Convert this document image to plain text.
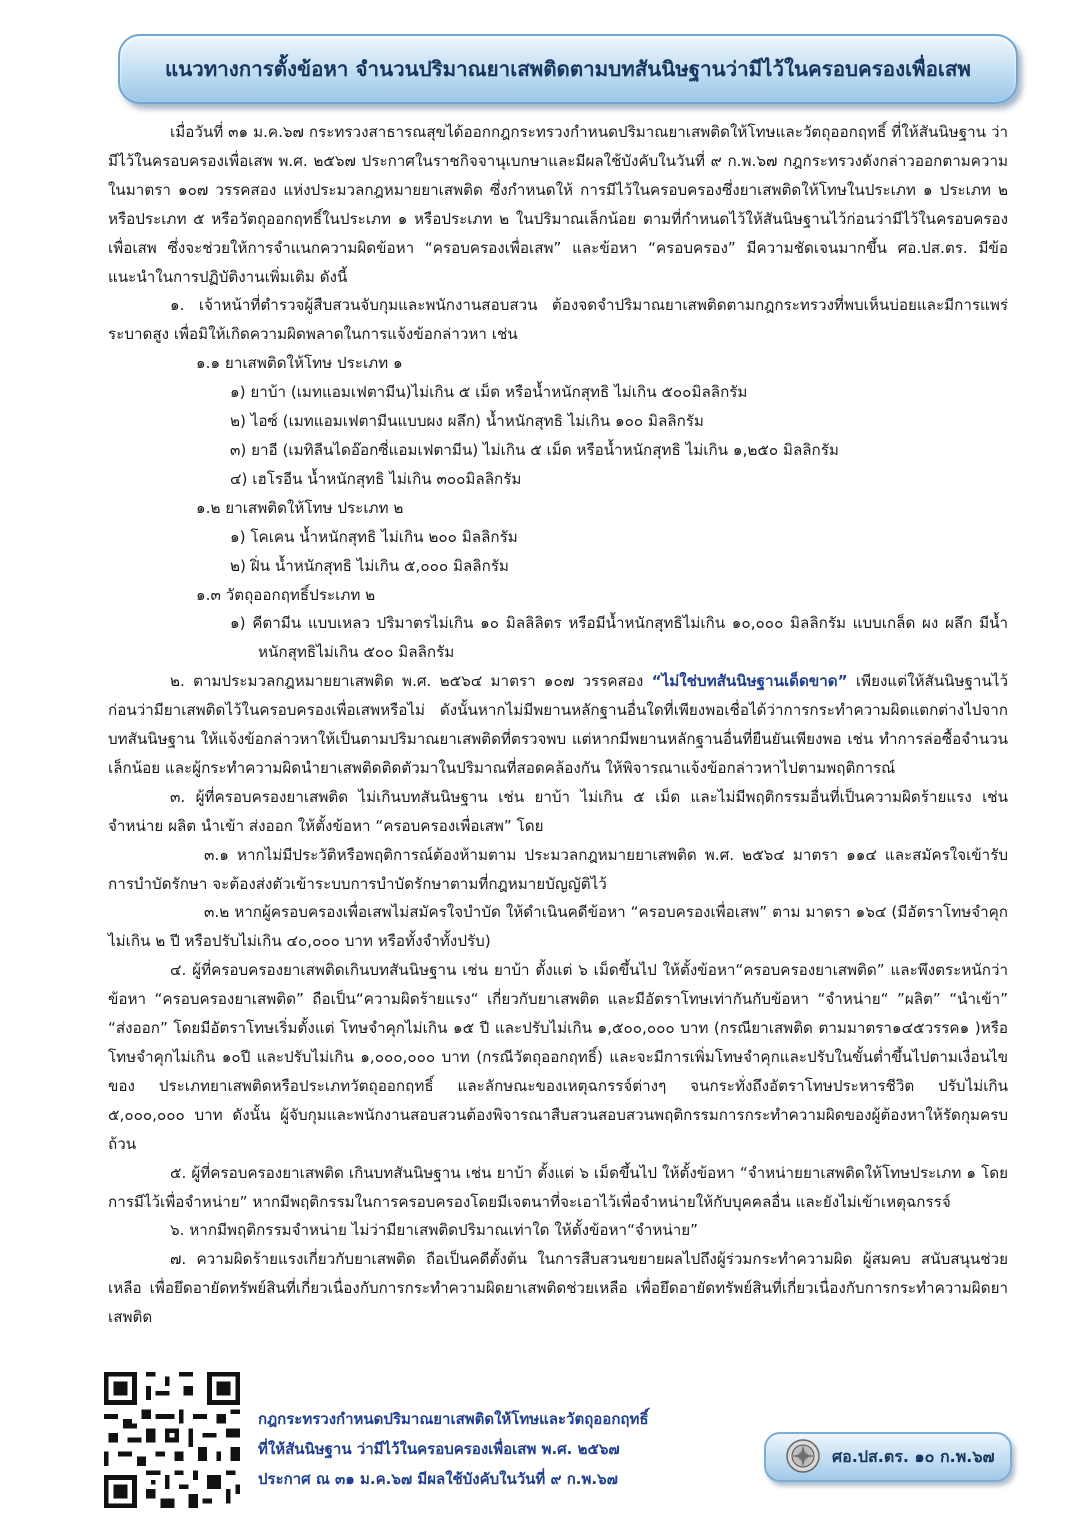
แนวทางการตั้งข้อหา จำนวนปริมาณยาเสพติดตามบทสันนิษฐานว่ามีไว้ในครอบครองเพื่อเสพ

เมื่อวันที่ ๓๑ ม.ค.๖๗ กระทรวงสาธารณสุขได้ออกกฎกระทรวงกำหนดปริมาณยาเสพติดให้โทษและวัตถุออกฤทธิ์ ที่ให้สันนิษฐาน ว่ามีไว้ในครอบครองเพื่อเสพ พ.ศ. ๒๕๖๗ ประกาศในราชกิจจานุเบกษาและมีผลใช้บังคับในวันที่ ๙ ก.พ.๖๗ กฎกระทรวงดังกล่าวออกตามความในมาตรา ๑๐๗ วรรคสอง แห่งประมวลกฎหมายยาเสพติด ซึ่งกำหนดให้ การมีไว้ในครอบครองซึ่งยาเสพติดให้โทษในประเภท ๑ ประเภท ๒ หรือประเภท ๕ หรือวัตถุออกฤทธิ์ในประเภท ๑ หรือประเภท ๒ ในปริมาณเล็กน้อย ตามที่กำหนดไว้ให้สันนิษฐานไว้ก่อนว่ามีไว้ในครอบครองเพื่อเสพ ซึ่งจะช่วยให้การจำแนกความผิดข้อหา “ครอบครองเพื่อเสพ” และข้อหา “ครอบครอง” มีความชัดเจนมากขึ้น ศอ.ปส.ตร. มีข้อแนะนำในการปฏิบัติงานเพิ่มเติม ดังนี้

๑. เจ้าหน้าที่ตำรวจผู้สืบสวนจับกุมและพนักงานสอบสวน ต้องจดจำปริมาณยาเสพติดตามกฎกระทรวงที่พบเห็นบ่อยและมีการแพร่ระบาดสูง เพื่อมิให้เกิดความผิดพลาดในการแจ้งข้อกล่าวหา เช่น

๑.๑ ยาเสพติดให้โทษ ประเภท ๑

๑) ยาบ้า (เมทแอมเฟตามีน)ไม่เกิน ๕ เม็ด หรือน้ำหนักสุทธิ ไม่เกิน ๕๐๐มิลลิกรัม

๒) ไอซ์ (เมทแอมเฟตามีนแบบผง ผลึก) น้ำหนักสุทธิ ไม่เกิน ๑๐๐ มิลลิกรัม

๓) ยาอี (เมทิลีนไดอ๊อกซี่แอมเฟตามีน) ไม่เกิน ๕ เม็ด หรือน้ำหนักสุทธิ ไม่เกิน ๑,๒๕๐ มิลลิกรัม

๔) เฮโรอีน น้ำหนักสุทธิ ไม่เกิน ๓๐๐มิลลิกรัม

๑.๒ ยาเสพติดให้โทษ ประเภท ๒

๑) โคเคน น้ำหนักสุทธิ ไม่เกิน ๒๐๐ มิลลิกรัม

๒) ฝิ่น น้ำหนักสุทธิ ไม่เกิน ๕,๐๐๐ มิลลิกรัม

๑.๓ วัตถุออกฤทธิ์ประเภท ๒

๑) คีตามีน แบบเหลว ปริมาตรไม่เกิน ๑๐ มิลลิลิตร หรือมีน้ำหนักสุทธิไม่เกิน ๑๐,๐๐๐ มิลลิกรัม แบบเกล็ด ผง ผลึก มีน้ำหนักสุทธิไม่เกิน ๕๐๐ มิลลิกรัม

๒. ตามประมวลกฎหมายยาเสพติด พ.ศ. ๒๕๖๔ มาตรา ๑๐๗ วรรคสอง “ไม่ใช่บทสันนิษฐานเด็ดขาด” เพียงแต่ให้สันนิษฐานไว้ก่อนว่ามียาเสพติดไว้ในครอบครองเพื่อเสพหรือไม่ ดังนั้นหากไม่มีพยานหลักฐานอื่นใดที่เพียงพอเชื่อได้ว่าการกระทำความผิดแตกต่างไปจากบทสันนิษฐาน ให้แจ้งข้อกล่าวหาให้เป็นตามปริมาณยาเสพติดที่ตรวจพบ แต่หากมีพยานหลักฐานอื่นที่ยืนยันเพียงพอ เช่น ทำการล่อซื้อจำนวนเล็กน้อย และผู้กระทำความผิดนำยาเสพติดติดตัวมาในปริมาณที่สอดคล้องกัน ให้พิจารณาแจ้งข้อกล่าวหาไปตามพฤติการณ์

๓. ผู้ที่ครอบครองยาเสพติด ไม่เกินบทสันนิษฐาน เช่น ยาบ้า ไม่เกิน ๕ เม็ด และไม่มีพฤติกรรมอื่นที่เป็นความผิดร้ายแรง เช่น จำหน่าย ผลิต นำเข้า ส่งออก ให้ตั้งข้อหา “ครอบครองเพื่อเสพ” โดย

๓.๑ หากไม่มีประวัติหรือพฤติการณ์ต้องห้ามตาม ประมวลกฎหมายยาเสพติด พ.ศ. ๒๕๖๔ มาตรา ๑๑๔ และสมัครใจเข้ารับการบำบัดรักษา จะต้องส่งตัวเข้าระบบการบำบัดรักษาตามที่กฎหมายบัญญัติไว้

๓.๒ หากผู้ครอบครองเพื่อเสพไม่สมัครใจบำบัด ให้ดำเนินคดีข้อหา “ครอบครองเพื่อเสพ” ตาม มาตรา ๑๖๔ (มีอัตราโทษจำคุกไม่เกิน ๒ ปี หรือปรับไม่เกิน ๔๐,๐๐๐ บาท หรือทั้งจำทั้งปรับ)

๔. ผู้ที่ครอบครองยาเสพติดเกินบทสันนิษฐาน เช่น ยาบ้า ตั้งแต่ ๖ เม็ดขึ้นไป ให้ตั้งข้อหา“ครอบครองยาเสพติด” และพึงตระหนักว่าข้อหา “ครอบครองยาเสพติด” ถือเป็น“ความผิดร้ายแรง“ เกี่ยวกับยาเสพติด และมีอัตราโทษเท่ากันกับข้อหา “จำหน่าย“ ”ผลิต” “นำเข้า” “ส่งออก” โดยมีอัตราโทษเริ่มตั้งแต่ โทษจำคุกไม่เกิน ๑๕ ปี และปรับไม่เกิน ๑,๕๐๐,๐๐๐ บาท (กรณียาเสพติด ตามมาตรา๑๔๕วรรค๑ )หรือโทษจำคุกไม่เกิน ๑๐ปี และปรับไม่เกิน ๑,๐๐๐,๐๐๐ บาท (กรณีวัตถุออกฤทธิ์) และจะมีการเพิ่มโทษจำคุกและปรับในขั้นต่ำขึ้นไปตามเงื่อนไขของ ประเภทยาเสพติดหรือประเภทวัตถุออกฤทธิ์ และลักษณะของเหตุฉกรรจ์ต่างๆ จนกระทั่งถึงอัตราโทษประหารชีวิต ปรับไม่เกิน ๕,๐๐๐,๐๐๐ บาท ดังนั้น ผู้จับกุมและพนักงานสอบสวนต้องพิจารณาสืบสวนสอบสวนพฤติกรรมการกระทำความผิดของผู้ต้องหาให้รัดกุมครบถ้วน

๕. ผู้ที่ครอบครองยาเสพติด เกินบทสันนิษฐาน เช่น ยาบ้า ตั้งแต่ ๖ เม็ดขึ้นไป ให้ตั้งข้อหา “จำหน่ายยาเสพติดให้โทษประเภท ๑ โดยการมีไว้เพื่อจำหน่าย” หากมีพฤติกรรมในการครอบครองโดยมีเจตนาที่จะเอาไว้เพื่อจำหน่ายให้กับบุคคลอื่น และยังไม่เข้าเหตุฉกรรจ์

๖. หากมีพฤติกรรมจำหน่าย ไม่ว่ามียาเสพติดปริมาณเท่าใด ให้ตั้งข้อหา“จำหน่าย”

๗. ความผิดร้ายแรงเกี่ยวกับยาเสพติด ถือเป็นคดีตั้งต้น ในการสืบสวนขยายผลไปถึงผู้ร่วมกระทำความผิด ผู้สมคบ สนับสนุนช่วยเหลือ เพื่อยึดอายัดทรัพย์สินที่เกี่ยวเนื่องกับการกระทำความผิดยาเสพติดช่วยเหลือ เพื่อยึดอายัดทรัพย์สินที่เกี่ยวเนื่องกับการกระทำความผิดยาเสพติด

กฎกระทรวงกำหนดปริมาณยาเสพติดให้โทษและวัตถุออกฤทธิ์
ที่ให้สันนิษฐาน ว่ามีไว้ในครอบครองเพื่อเสพ พ.ศ. ๒๕๖๗
ประกาศ ณ ๓๑ ม.ค.๖๗ มีผลใช้บังคับในวันที่ ๙ ก.พ.๖๗
ศอ.ปส.ตร. ๑๐ ก.พ.๖๗
